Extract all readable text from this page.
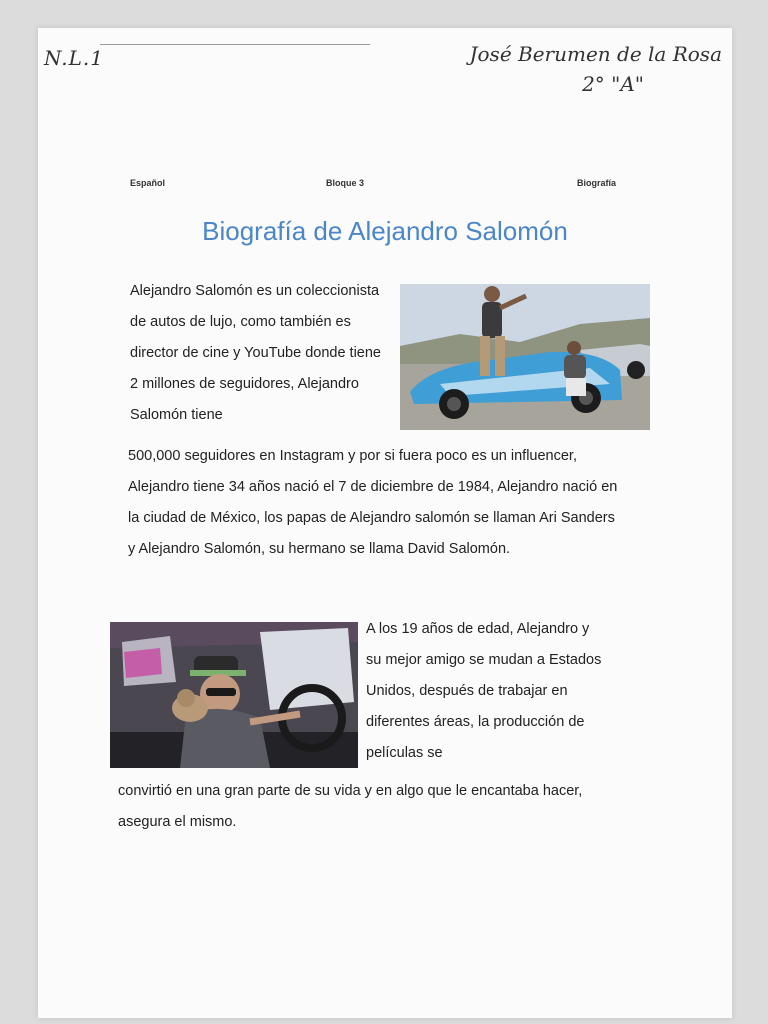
N.L.1	José Berumen de la Rosa
2° "A"
Español	Bloque 3	Biografía
Biografía de Alejandro Salomón
Alejandro Salomón es un coleccionista de autos de lujo, como también es director de cine y YouTube donde tiene 2 millones de seguidores, Alejandro Salomón tiene
500,000 seguidores en Instagram y por si fuera poco es un influencer, Alejandro tiene 34 años nació el 7 de diciembre de 1984, Alejandro nació en la ciudad de México, los papas de Alejandro salomón se llaman Ari Sanders y Alejandro Salomón, su hermano se llama David Salomón.
A los 19 años de edad, Alejandro y su mejor amigo se mudan a Estados Unidos, después de trabajar en diferentes áreas, la producción de películas se
convirtió en una gran parte de su vida y en algo que le encantaba hacer, asegura el mismo.
